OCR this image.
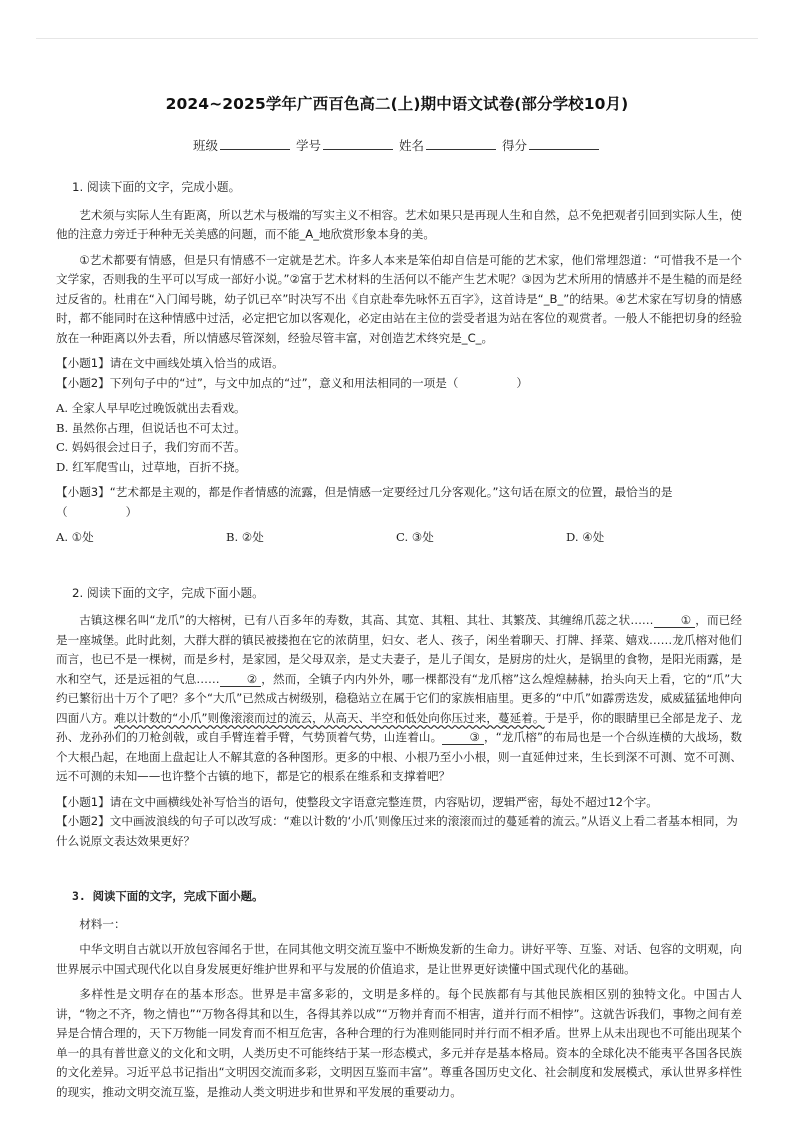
2024~2025学年广西百色高二(上)期中语文试卷(部分学校10月)
班级	学号	姓名	得分
1. 阅读下面的文字，完成小题。

艺术须与实际人生有距离，所以艺术与极端的写实主义不相容。艺术如果只是再现人生和自然，总不免把观者引回到实际人生，使他的注意力旁迁于种种无关美感的问题，而不能_A_地欣赏形象本身的美。

①艺术都要有情感，但是只有情感不一定就是艺术。许多人本来是笨伯却自信是可能的艺术家，他们常埋怨道：“可惜我不是一个文学家，否则我的生平可以写成一部好小说。”②富于艺术材料的生活何以不能产生艺术呢？③因为艺术所用的情感并不是生糙的而是经过反省的。杜甫在“入门闻号眺，幼子饥已卒”时决写不出《自京赴奉先咏怀五百字》，这首诗是“_B_”的结果。④艺术家在写切身的情感时，都不能同时在这种情感中过活，必定把它加以客观化，必定由站在主位的尝受者退为站在客位的观赏者。一般人不能把切身的经验放在一种距离以外去看，所以情感尽管深刻，经验尽管丰富，对创造艺术终究是_C_。

【小题1】请在文中画线处填入恰当的成语。
【小题2】下列句子中的“过”，与文中加点的“过”，意义和用法相同的一项是（　　　　　）
A. 全家人早早吃过晚饭就出去看戏。
B. 虽然你占理，但说话也不可太过。
C. 妈妈很会过日子，我们穷而不苦。
D. 红军爬雪山，过草地，百折不挠。
【小题3】“艺术都是主观的，都是作者情感的流露，但是情感一定要经过几分客观化。”这句话在原文的位置，最恰当的是（　　　　　）
A. ①处	B. ②处	C. ③处	D. ④处
2. 阅读下面的文字，完成下面小题。

古镇这棵名叫“龙爪”的大榕树，已有八百多年的寿数，其高、其宽、其粗、其壮、其繁茂、其缠绵爪蕊之状…… ① ，而已经是一座城堡。此时此刻，大群大群的镇民被搂抱在它的浓荫里，妇女、老人、孩子，闲坐着聊天、打牌、择菜、嬉戏……龙爪榕对他们而言，也已不是一棵树，而是乡村，是家园，是父母双亲，是丈夫妻子，是儿子闺女，是厨房的灶火，是锅里的食物，是阳光雨露，是水和空气，还是远祖的气息…… ② ，然而，全镇子内内外外，哪一棵都没有“龙爪榕”这么煌煌赫赫，抬头向天上看，它的“爪”大约已繁衍出十万个了吧？多个“大爪”已然成古树级别，稳稳站立在属于它们的家族相庙里。更多的“中爪”如霹雳迭发，威威猛猛地伸向四面八方。难以计数的“小爪”则像滚滚而过的流云，从高天、半空和低处向你压过来，蔓延着。于是乎，你的眼睛里已全部是龙子、龙孙、龙孙孙们的刀枪剑戟，或自手臂连着手臂，气势顶着气势，山连着山。 ③ ，“龙爪榕”的布局也是一个合纵连横的大战场，数个大根凸起，在地面上盘起让人不解其意的各种图形。更多的中根、小根乃至小小根，则一直延伸过来，生长到深不可测、宽不可测、远不可测的未知——也许整个古镇的地下，都是它的根系在维系和支撑着吧？

【小题1】请在文中画横线处补写恰当的语句，使整段文字语意完整连贯，内容贴切，逻辑严密，每处不超过12个字。
【小题2】文中画波浪线的句子可以改写成：“难以计数的‘小爪’则像压过来的滚滚而过的蔓延着的流云。”从语义上看二者基本相同，为什么说原文表达效果更好？
3. 阅读下面的文字，完成下面小题。

材料一：

中华文明自古就以开放包容闻名于世，在同其他文明交流互鉴中不断焕发新的生命力。讲好平等、互鉴、对话、包容的文明观，向世界展示中国式现代化以自身发展更好维护世界和平与发展的价值追求，是让世界更好读懂中国式现代化的基础。

多样性是文明存在的基本形态。世界是丰富多彩的，文明是多样的。每个民族都有与其他民族相区别的独特文化。中国古人讲，“物之不齐，物之情也”“万物各得其和以生，各得其养以成”“万物并育而不相害，道并行而不相悖”。这就告诉我们，事物之间有差异是合情合理的，天下万物能一同发育而不相互危害，各种合理的行为准则能同时并行而不相矛盾。世界上从未出现也不可能出现某个单一的具有普世意义的文化和文明，人类历史不可能终结于某一形态模式，多元并存是基本格局。资本的全球化决不能夷平各国各民族的文化差异。习近平总书记指出“文明因交流而多彩，文明因互鉴而丰富”。尊重各国历史文化、社会制度和发展模式，承认世界多样性的现实，推动文明交流互鉴，是推动人类文明进步和世界和平发展的重要动力。
